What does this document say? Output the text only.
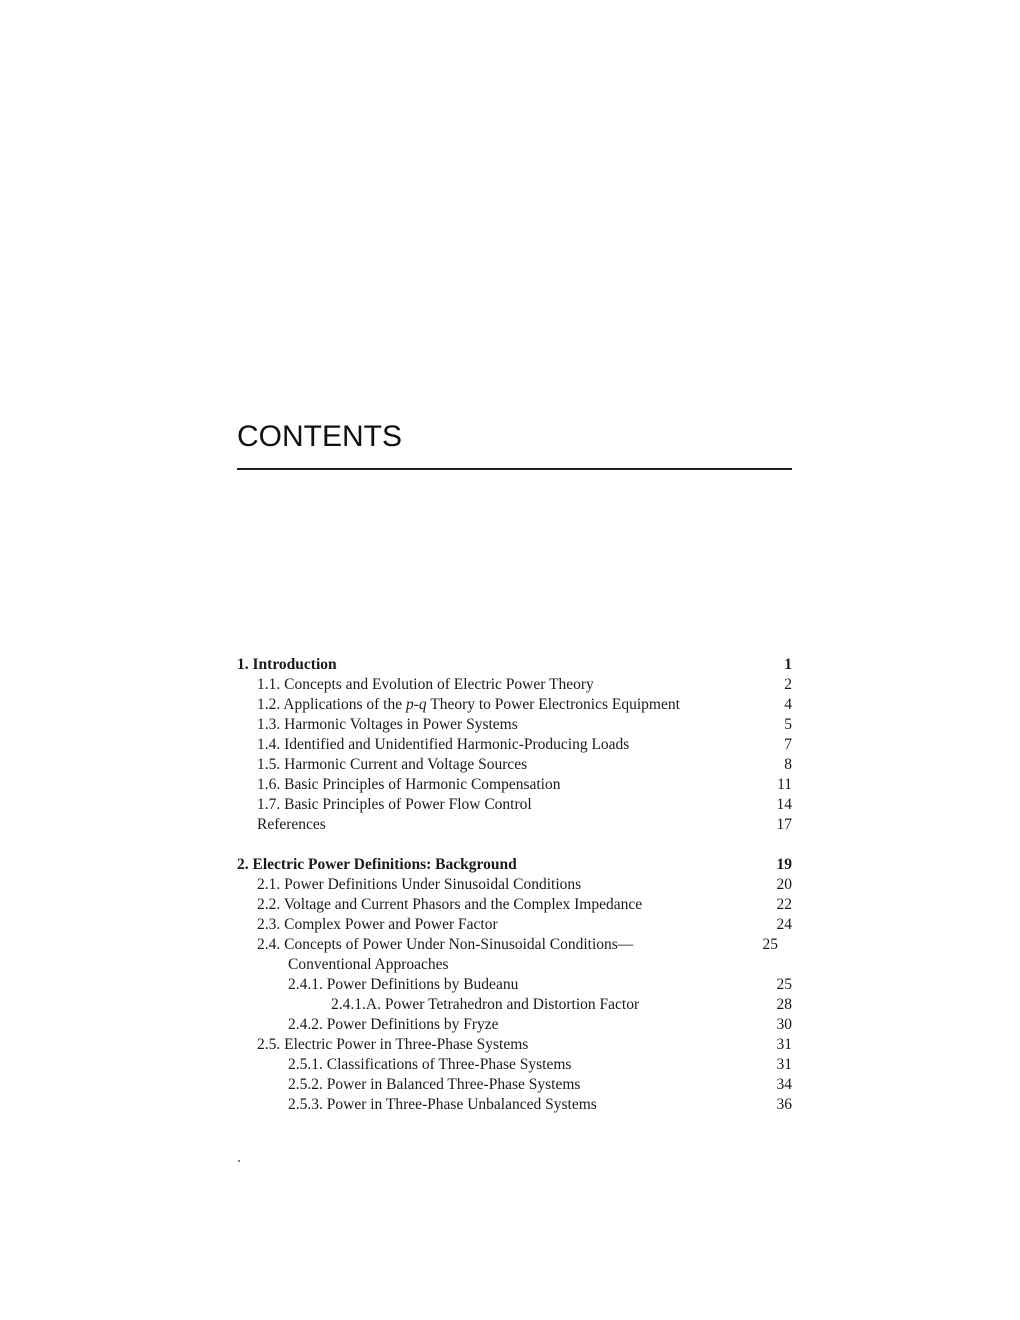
CONTENTS
1. Introduction	1
1.1. Concepts and Evolution of Electric Power Theory	2
1.2. Applications of the p-q Theory to Power Electronics Equipment	4
1.3. Harmonic Voltages in Power Systems	5
1.4. Identified and Unidentified Harmonic-Producing Loads	7
1.5. Harmonic Current and Voltage Sources	8
1.6. Basic Principles of Harmonic Compensation	11
1.7. Basic Principles of Power Flow Control	14
References	17
2. Electric Power Definitions: Background	19
2.1. Power Definitions Under Sinusoidal Conditions	20
2.2. Voltage and Current Phasors and the Complex Impedance	22
2.3. Complex Power and Power Factor	24
2.4. Concepts of Power Under Non-Sinusoidal Conditions—	25
Conventional Approaches
2.4.1. Power Definitions by Budeanu	25
2.4.1.A. Power Tetrahedron and Distortion Factor	28
2.4.2. Power Definitions by Fryze	30
2.5. Electric Power in Three-Phase Systems	31
2.5.1. Classifications of Three-Phase Systems	31
2.5.2. Power in Balanced Three-Phase Systems	34
2.5.3. Power in Three-Phase Unbalanced Systems	36
